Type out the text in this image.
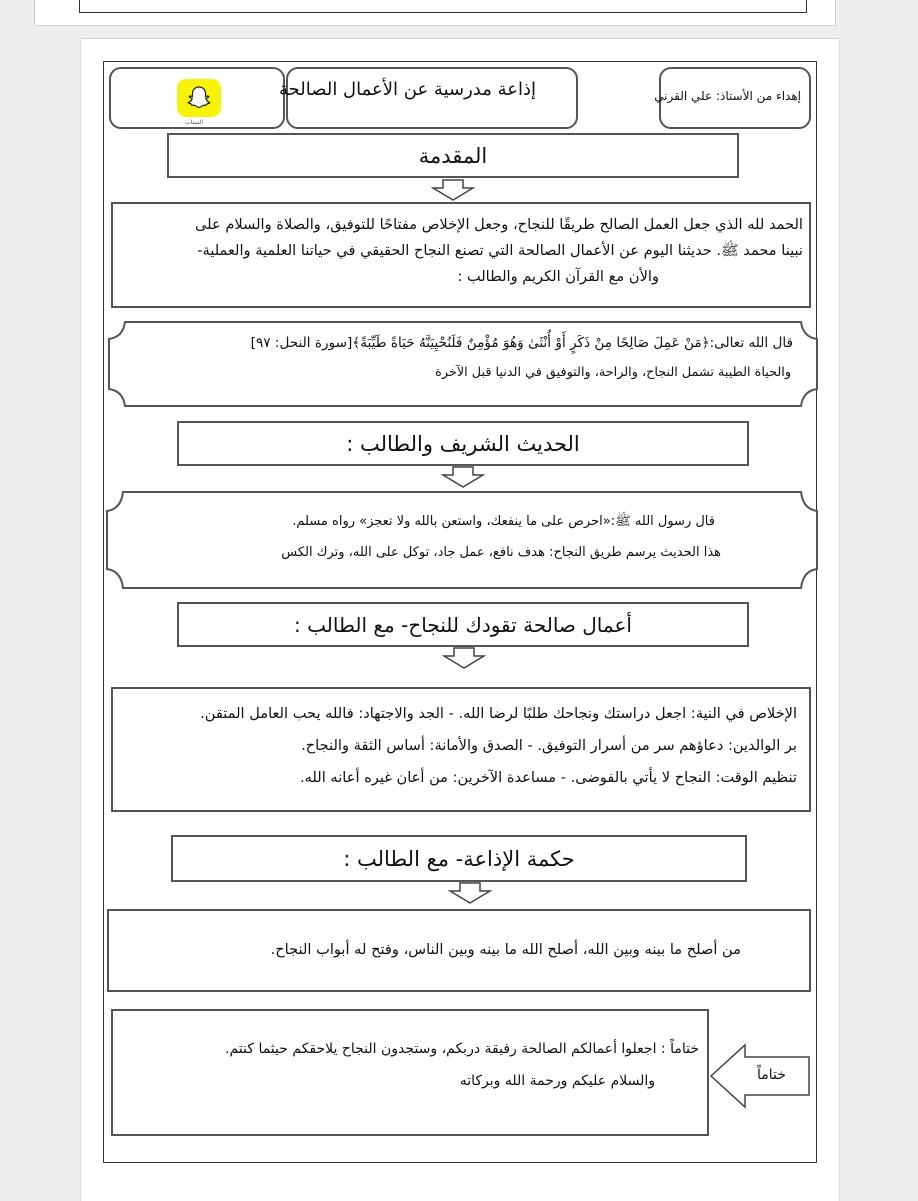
السناب
إذاعة مدرسية عن الأعمال الصالحة	إهداء من الأستاذ: علي القرني
المقدمة
الحمد لله الذي جعل العمل الصالح طريقًا للنجاح، وجعل الإخلاص مفتاحًا للتوفيق، والصلاة والسلام على
نبينا محمد ﷺ. حديثنا اليوم عن الأعمال الصالحة التي تصنع النجاح الحقيقي في حياتنا العلمية والعملية-
والأن مع القرآن الكريم والطالب :
قال الله تعالى:﴿مَنْ عَمِلَ صَالِحًا مِنْ ذَكَرٍ أَوْ أُنْثَىٰ وَهُوَ مُؤْمِنٌ فَلَنُحْيِيَنَّهُ حَيَاةً طَيِّبَةً﴾[سورة النحل: ٩٧]
والحياة الطيبة تشمل النجاح، والراحة، والتوفيق في الدنيا قبل الآخرة
الحديث الشريف والطالب :
قال رسول الله ﷺ:«احرص على ما ينفعك، واستعن بالله ولا تعجز» رواه مسلم.
هذا الحديث يرسم طريق النجاح: هدف نافع، عمل جاد، توكل على الله، وترك الكس
أعمال صالحة تقودك للنجاح- مع الطالب :
الإخلاص في النية: اجعل دراستك ونجاحك طلبًا لرضا الله. - الجد والاجتهاد: فالله يحب العامل المتقن.
بر الوالدين: دعاؤهم سر من أسرار التوفيق. - الصدق والأمانة: أساس الثقة والنجاح.
تنظيم الوقت: النجاح لا يأتي بالفوضى. - مساعدة الآخرين: من أعان غيره أعانه الله.
حكمة الإذاعة- مع الطالب :
من أصلح ما بينه وبين الله، أصلح الله ما بينه وبين الناس، وفتح له أبواب النجاح.
ختاماً : اجعلوا أعمالكم الصالحة رفيقة دربكم، وستجدون النجاح يلاحقكم حيثما كنتم.
والسلام عليكم ورحمة الله وبركاته	ختاماً
